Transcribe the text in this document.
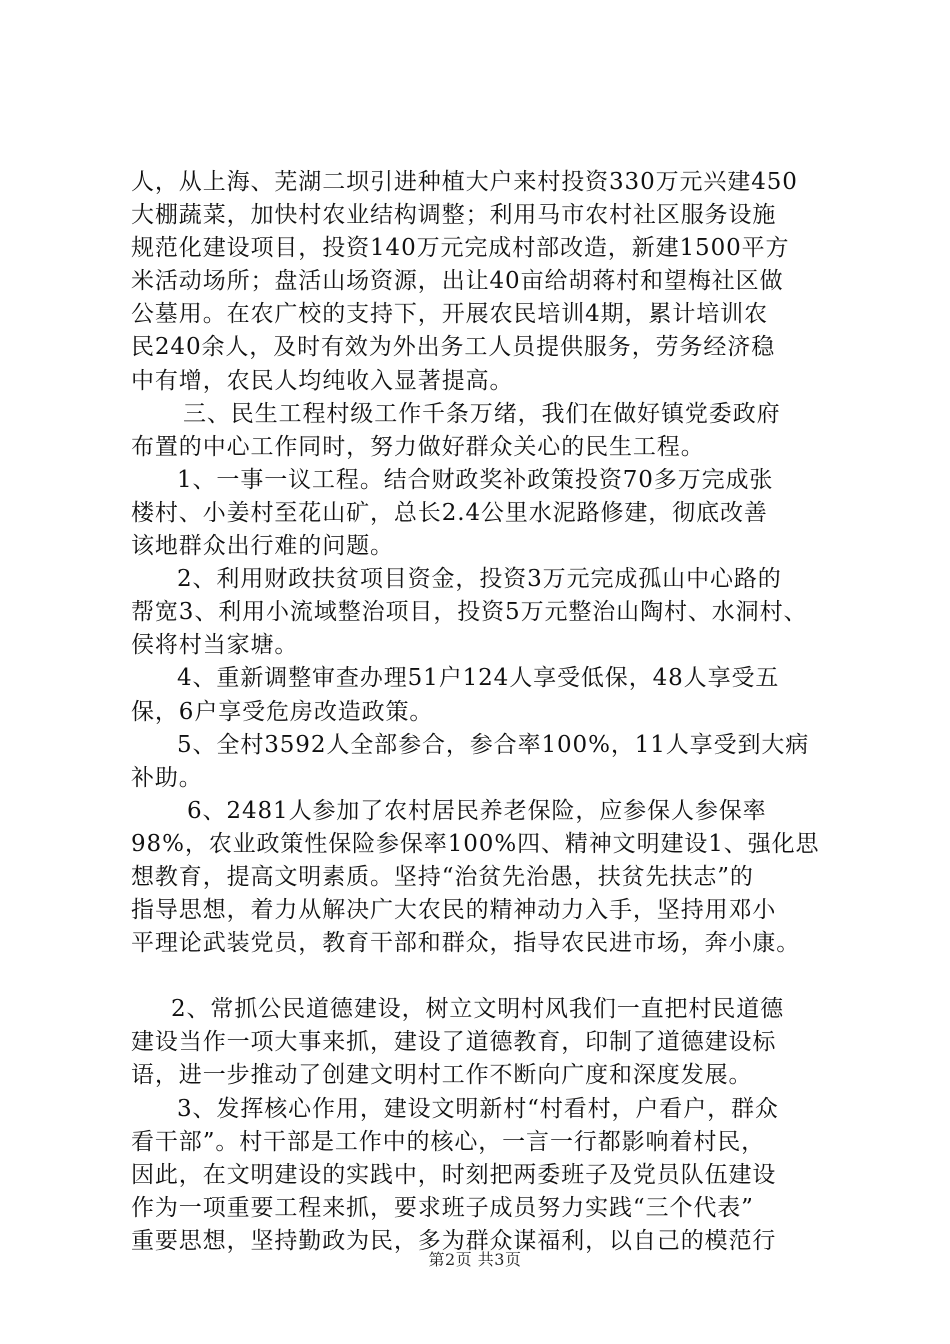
人，从上海、芜湖二坝引进种植大户来村投资330万元兴建450
大棚蔬菜，加快村农业结构调整；利用马市农村社区服务设施
规范化建设项目，投资140万元完成村部改造，新建1500平方
米活动场所；盘活山场资源，出让40亩给胡蒋村和望梅社区做
公墓用。在农广校的支持下，开展农民培训4期，累计培训农
民240余人，及时有效为外出务工人员提供服务，劳务经济稳
中有增，农民人均纯收入显著提高。
三、民生工程村级工作千条万绪，我们在做好镇党委政府
布置的中心工作同时，努力做好群众关心的民生工程。
1、一事一议工程。结合财政奖补政策投资70多万完成张
楼村、小姜村至花山矿，总长2.4公里水泥路修建，彻底改善
该地群众出行难的问题。
2、利用财政扶贫项目资金，投资3万元完成孤山中心路的
帮宽3、利用小流域整治项目，投资5万元整治山陶村、水洞村、
侯将村当家塘。
4、重新调整审查办理51户124人享受低保，48人享受五
保，6户享受危房改造政策。
5、全村3592人全部参合，参合率100%，11人享受到大病
补助。
6、2481人参加了农村居民养老保险，应参保人参保率
98%，农业政策性保险参保率100%四、精神文明建设1、强化思
想教育，提高文明素质。坚持“治贫先治愚，扶贫先扶志”的
指导思想，着力从解决广大农民的精神动力入手，坚持用邓小
平理论武装党员，教育干部和群众，指导农民进市场，奔小康。
2、常抓公民道德建设，树立文明村风我们一直把村民道德
建设当作一项大事来抓，建设了道德教育，印制了道德建设标
语，进一步推动了创建文明村工作不断向广度和深度发展。
3、发挥核心作用，建设文明新村“村看村，户看户，群众
看干部”。村干部是工作中的核心，一言一行都影响着村民，
因此，在文明建设的实践中，时刻把两委班子及党员队伍建设
作为一项重要工程来抓，要求班子成员努力实践“三个代表”
重要思想，坚持勤政为民，多为群众谋福利，以自己的模范行
第2页 共3页
